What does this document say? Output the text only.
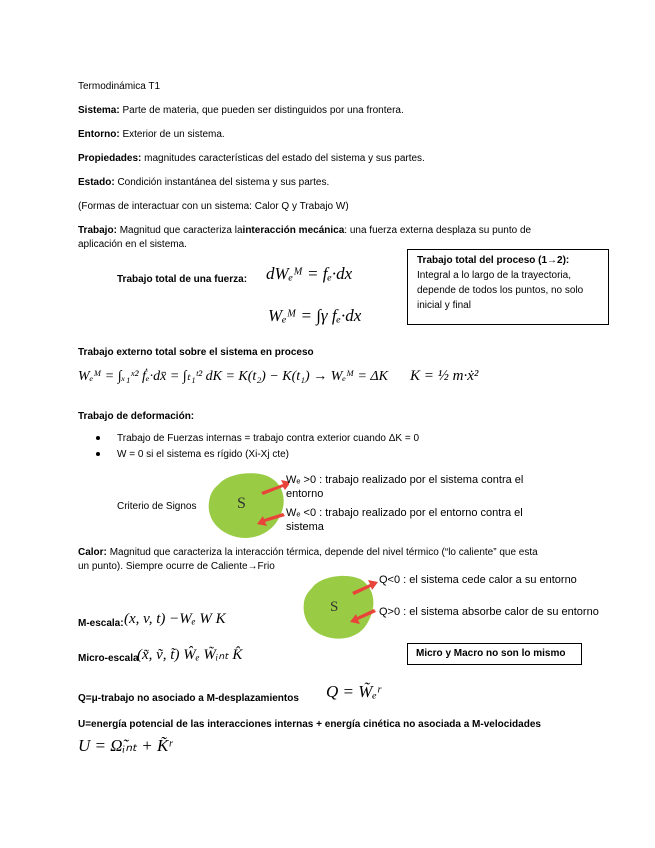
Termodinámica T1
Sistema: Parte de materia, que pueden ser distinguidos por una frontera.
Entorno: Exterior de un sistema.
Propiedades: magnitudes características del estado del sistema y sus partes.
Estado: Condición instantánea del sistema y sus partes.
(Formas de interactuar con un sistema: Calor Q y Trabajo W)
Trabajo: Magnitud que caracteriza lainteracción mecánica: una fuerza externa desplaza su punto de
aplicación en el sistema.
Trabajo total de una fuerza: dWₑᴹ = fₑ·dx
Wₑᴹ = ∫γ fₑ·dx
Trabajo total del proceso (1→2):
Integral a lo largo de la trayectoria,
depende de todos los puntos, no solo
inicial y final
Trabajo externo total sobre el sistema en proceso
Wₑᴹ = ∫ₓ₁ˣ² ḟₑ·dx̄ = ∫ₜ₁ᵗ² dK = K(t₂) − K(t₁) → Wₑᴹ = ΔK K = ½ m·ẋ²
Trabajo de deformación:
Trabajo de Fuerzas internas = trabajo contra exterior cuando ΔK = 0
W = 0 si el sistema es rígido (Xi-Xj cte)
Criterio de Signos	S
Wₑ >0 : trabajo realizado por el sistema contra el
entorno
Wₑ <0 : trabajo realizado por el entorno contra el
sistema
Calor: Magnitud que caracteriza la interacción térmica, depende del nivel térmico (“lo caliente” que esta
un punto). Siempre ocurre de Caliente→Frio
S
Q<0 : el sistema cede calor a su entorno
Q>0 : el sistema absorbe calor de su entorno
M-escala: (x, v, t) −Wₑ W K
Micro-escala
(x̃, ṽ, t̃) Ŵₑ W̃ᵢₙₜ K̂	Micro y Macro no son lo mismo
Q=μ-trabajo no asociado a M-desplazamientos Q = W̃ₑʳ
U=energía potencial de las interacciones internas + energía cinética no asociada a M-velocidades
U = Ω̃ᵢₙₜ + K̃ʳ
